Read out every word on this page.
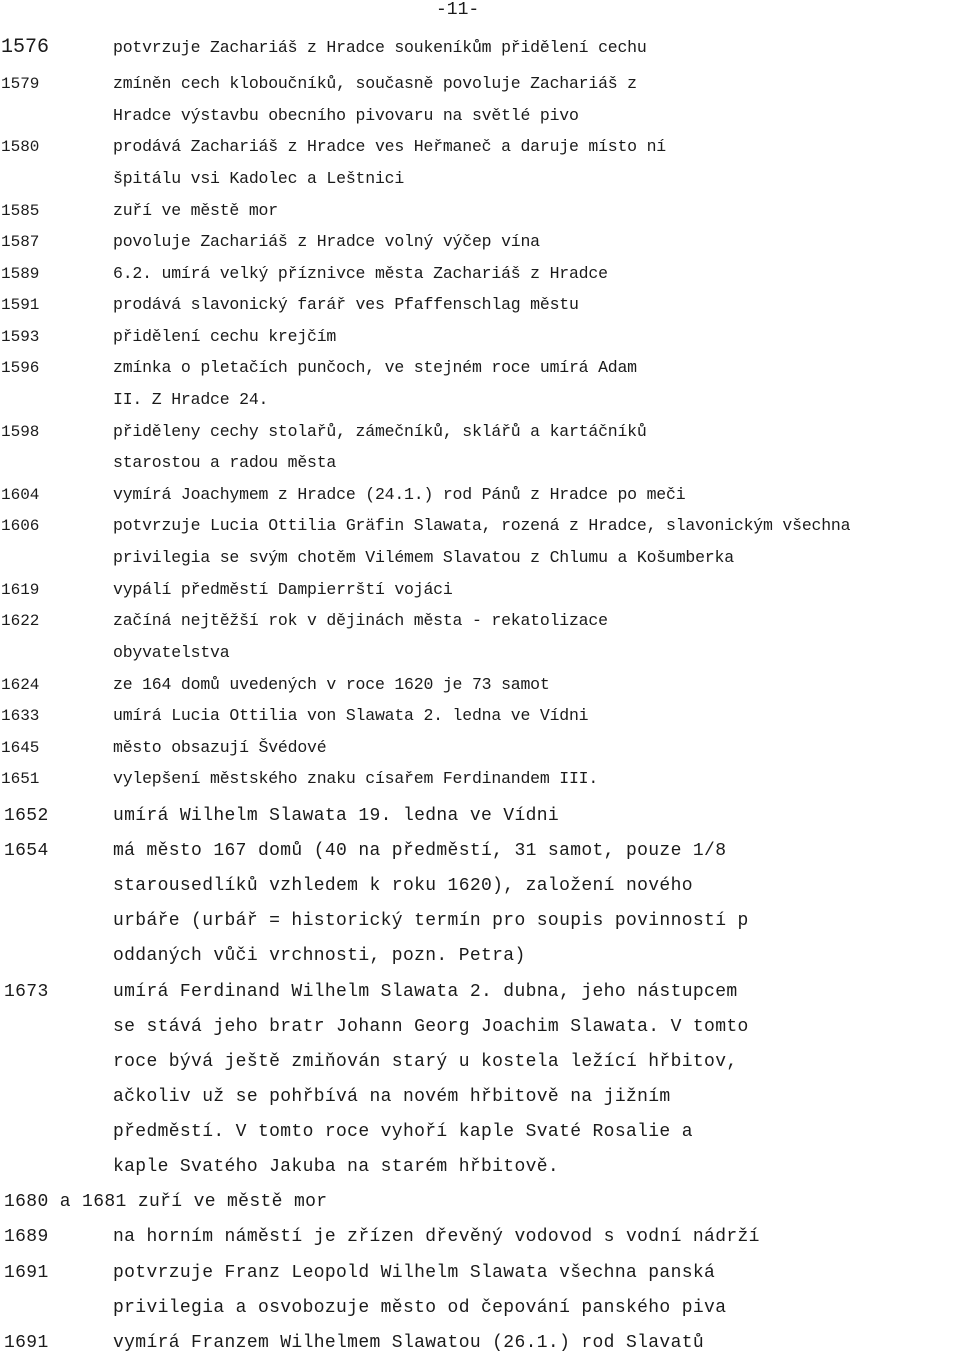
-11-
1576	potvrzuje Zachariáš z Hradce soukeníkům přidělení cechu
1579	zmíněn cech kloboučníků, současně povoluje Zachariáš z
Hradce výstavbu obecního pivovaru na světlé pivo
1580	prodává Zachariáš z Hradce ves Heřmaneč a daruje místo ní
špitálu vsi Kadolec a Leštnici
1585	zuří ve městě mor
1587	povoluje Zachariáš z Hradce volný výčep vína
1589	6.2. umírá velký příznivce města Zachariáš z Hradce
1591	prodává slavonický farář ves Pfaffenschlag městu
1593	přidělení cechu krejčím
1596	zmínka o pletačích punčoch, ve stejném roce umírá Adam
II. Z Hradce 24.
1598	přiděleny cechy stolařů, zámečníků, sklářů a kartáčníků
starostou a radou města
1604	vymírá Joachymem z Hradce (24.1.) rod Pánů z Hradce po meči
1606	potvrzuje Lucia Ottilia Gräfin Slawata, rozená z Hradce, slavonickým všechna
privilegia se svým chotěm Vilémem Slavatou z Chlumu a Košumberka
1619	vypálí předměstí Dampierrští vojáci
1622	začíná nejtěžší rok v dějinách města - rekatolizace
obyvatelstva
1624	ze 164 domů uvedených v roce 1620 je 73 samot
1633	umírá Lucia Ottilia von Slawata 2. ledna ve Vídni
1645	město obsazují Švédové
1651	vylepšení městského znaku císařem Ferdinandem III.
1652	umírá Wilhelm Slawata 19. ledna ve Vídni
1654	má město 167 domů (40 na předměstí, 31 samot, pouze 1/8
starousedlíků vzhledem k roku 1620), založení nového
urbáře (urbář = historický termín pro soupis povinností p
oddaných vůči vrchnosti, pozn. Petra)
1673	umírá Ferdinand Wilhelm Slawata 2. dubna, jeho nástupcem
se stává jeho bratr Johann Georg Joachim Slawata. V tomto
roce bývá ještě zmiňován starý u kostela ležící hřbitov,
ačkoliv už se pohřbívá na novém hřbitově na jižním
předměstí. V tomto roce vyhoří kaple Svaté Rosalie a
kaple Svatého Jakuba na starém hřbitově.
1680 a 1681 zuří ve městě mor
1689	na horním náměstí je zřízen dřevěný vodovod s vodní nádrží
1691	potvrzuje Franz Leopold Wilhelm Slawata všechna panská
privilegia a osvobozuje město od čepování panského piva
1691	vymírá Franzem Wilhelmem Slawatou (26.1.) rod Slavatů
